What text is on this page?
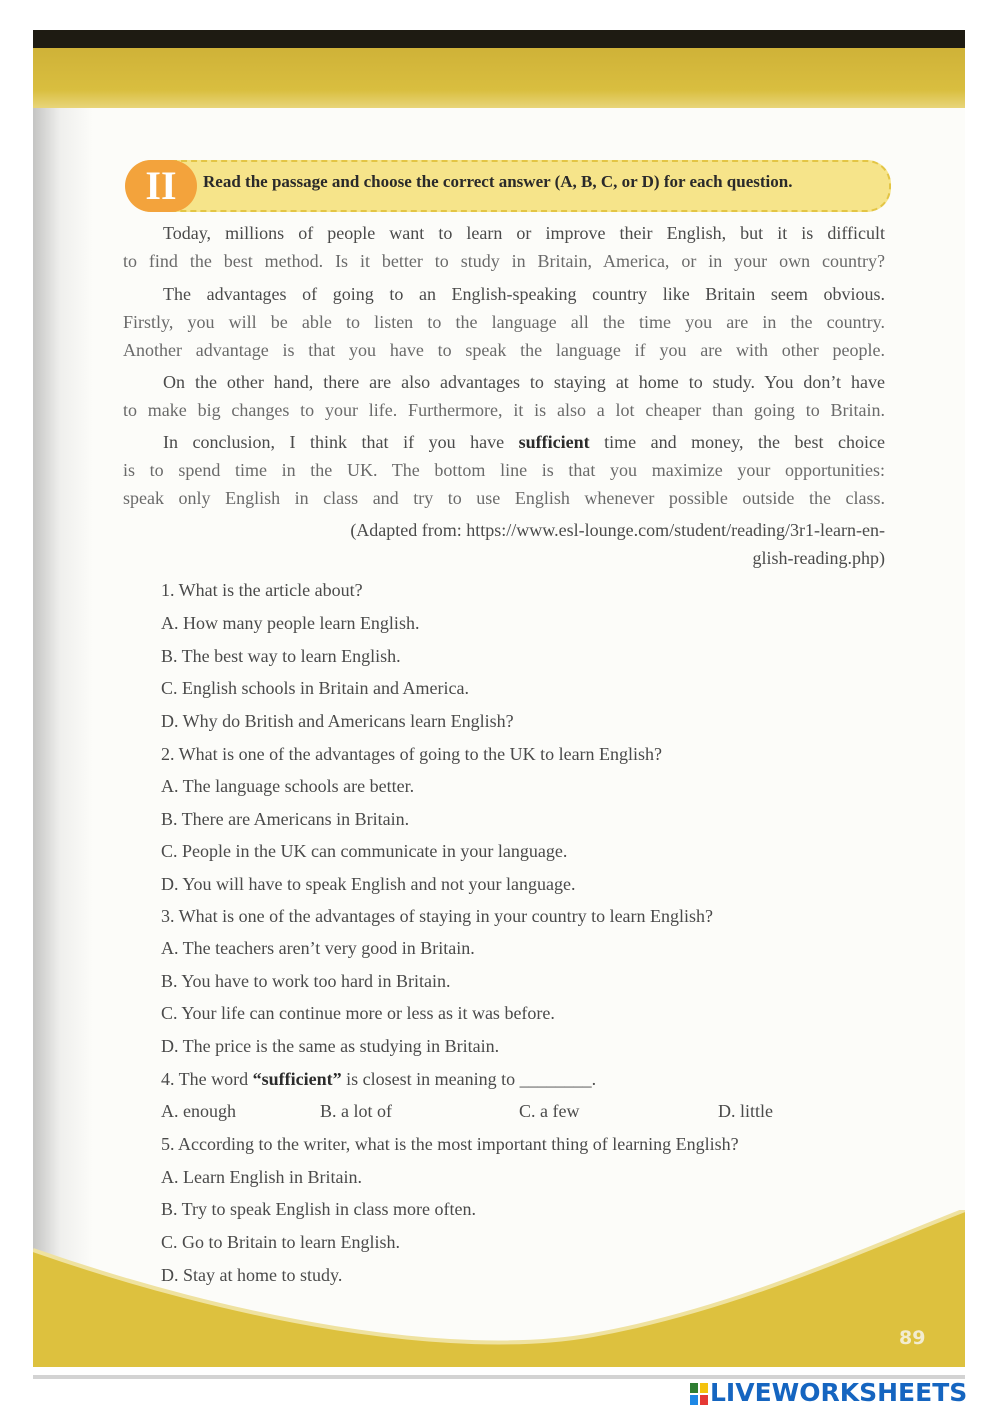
89
II	Read the passage and choose the correct answer (A, B, C, or D) for each question.
Today, millions of people want to learn or improve their English, but it is difficult
to find the best method. Is it better to study in Britain, America, or in your own country?
The advantages of going to an English-speaking country like Britain seem obvious.
Firstly, you will be able to listen to the language all the time you are in the country.
Another advantage is that you have to speak the language if you are with other people.
On the other hand, there are also advantages to staying at home to study. You don’t have
to make big changes to your life. Furthermore, it is also a lot cheaper than going to Britain.
In conclusion, I think that if you have sufficient time and money, the best choice
is to spend time in the UK. The bottom line is that you maximize your opportunities:
speak only English in class and try to use English whenever possible outside the class.
(Adapted from: https://www.esl-lounge.com/student/reading/3r1-learn-en-
glish-reading.php)
1. What is the article about?
A. How many people learn English.
B. The best way to learn English.
C. English schools in Britain and America.
D. Why do British and Americans learn English?
2. What is one of the advantages of going to the UK to learn English?
A. The language schools are better.
B. There are Americans in Britain.
C. People in the UK can communicate in your language.
D. You will have to speak English and not your language.
3. What is one of the advantages of staying in your country to learn English?
A. The teachers aren’t very good in Britain.
B. You have to work too hard in Britain.
C. Your life can continue more or less as it was before.
D. The price is the same as studying in Britain.
4. The word “sufficient” is closest in meaning to ________.
A. enough	B. a lot of	C. a few	D. little
5. According to the writer, what is the most important thing of learning English?
A. Learn English in Britain.
B. Try to speak English in class more often.
C. Go to Britain to learn English.
D. Stay at home to study.
LIVEWORKSHEETS
